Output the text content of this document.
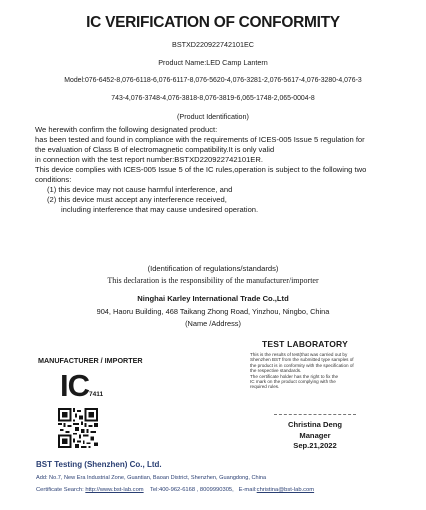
IC VERIFICATION OF CONFORMITY
BSTXD220922742101EC
Product Name:LED Camp Lantern
Model:076-6452-8,076-6118-6,076-6117-8,076-5620-4,076-3281-2,076-5617-4,076-3280-4,076-3
743-4,076-3748-4,076-3818-8,076-3819-6,065-1748-2,065-0004-8
(Product Identification)
We herewith confirm the following designated product:
has been tested and found in compliance with the requirements of ICES-005 Issue 5 regulation for
the evaluation of Class B of electromagnetic compatibility.It is only valid
in connection with the test report number:BSTXD220922742101ER.
This device complies with ICES-005 Issue 5 of the IC rules,operation is subject to the following two
conditions:
(1) this device may not cause harmful interference, and
(2) this device must accept any interference received,
including interference that may cause undesired operation.
(Identification of regulations/standards)
This declaration is the responsibility of the manufacturer/importer
Ninghai Karley International Trade Co.,Ltd
904, Haoru Building, 468 Taikang Zhong Road, Yinzhou, Ningbo, China
(Name /Address)
TEST LABORATORY
This is the results of test(that was carried out by
Shenzhen BST from the submitted type samples of
the product is in conformity with the specification of
the respective standards.
The certificate holder has the right to fix the
IC mark on the product complying with the
required rules.
MANUFACTURER / IMPORTER
IC7411
Christina Deng
Manager
Sep.21,2022
BST Testing (Shenzhen) Co., Ltd.
Add: No.7, New Era Industrial Zone, Guantian, Baoan District, Shenzhen, Guangdong, China
Certificate Search: http://www.bst-lab.com Tel:400-962-6168 , 8009990305, E-mail:christina@bst-lab.com
